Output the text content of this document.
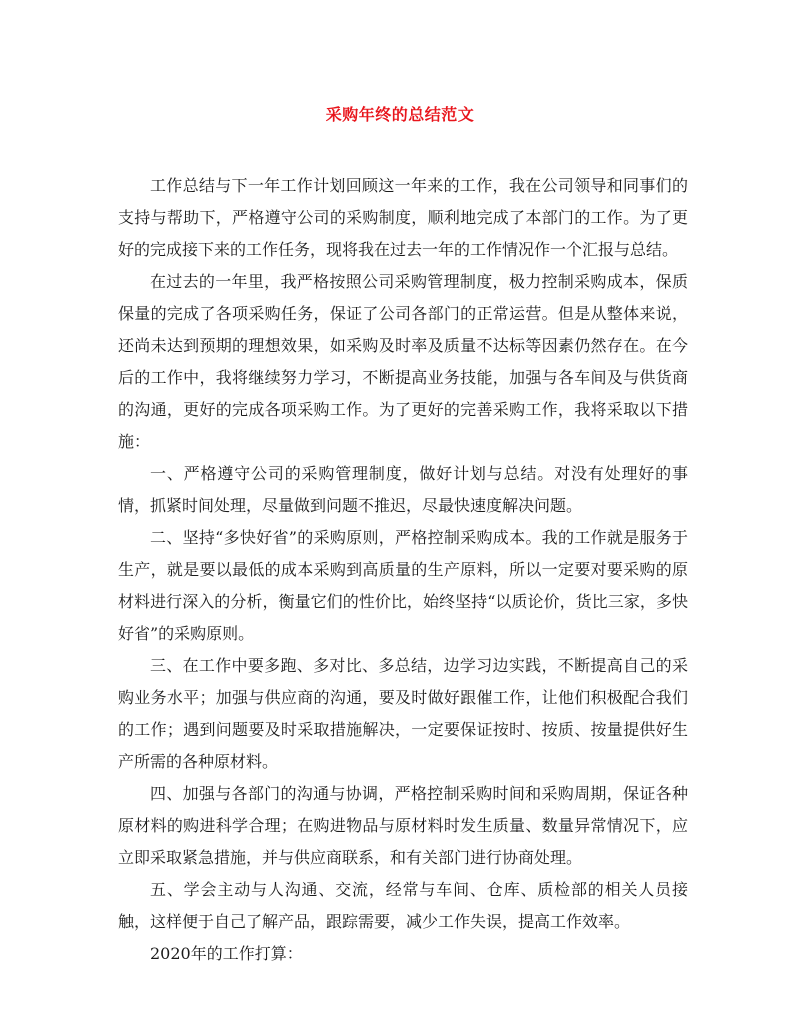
采购年终的总结范文

工作总结与下一年工作计划回顾这一年来的工作，我在公司领导和同事们的支持与帮助下，严格遵守公司的采购制度，顺利地完成了本部门的工作。为了更好的完成接下来的工作任务，现将我在过去一年的工作情况作一个汇报与总结。

在过去的一年里，我严格按照公司采购管理制度，极力控制采购成本，保质保量的完成了各项采购任务，保证了公司各部门的正常运营。但是从整体来说，还尚未达到预期的理想效果，如采购及时率及质量不达标等因素仍然存在。在今后的工作中，我将继续努力学习，不断提高业务技能，加强与各车间及与供货商的沟通，更好的完成各项采购工作。为了更好的完善采购工作，我将采取以下措施：

一、严格遵守公司的采购管理制度，做好计划与总结。对没有处理好的事情，抓紧时间处理，尽量做到问题不推迟，尽最快速度解决问题。

二、坚持“多快好省”的采购原则，严格控制采购成本。我的工作就是服务于生产，就是要以最低的成本采购到高质量的生产原料，所以一定要对要采购的原材料进行深入的分析，衡量它们的性价比，始终坚持“以质论价，货比三家，多快好省”的采购原则。

三、在工作中要多跑、多对比、多总结，边学习边实践，不断提高自己的采购业务水平；加强与供应商的沟通，要及时做好跟催工作，让他们积极配合我们的工作；遇到问题要及时采取措施解决，一定要保证按时、按质、按量提供好生产所需的各种原材料。

四、加强与各部门的沟通与协调，严格控制采购时间和采购周期，保证各种原材料的购进科学合理；在购进物品与原材料时发生质量、数量异常情况下，应立即采取紧急措施，并与供应商联系，和有关部门进行协商处理。

五、学会主动与人沟通、交流，经常与车间、仓库、质检部的相关人员接触，这样便于自己了解产品，跟踪需要，减少工作失误，提高工作效率。

2020年的工作打算：
